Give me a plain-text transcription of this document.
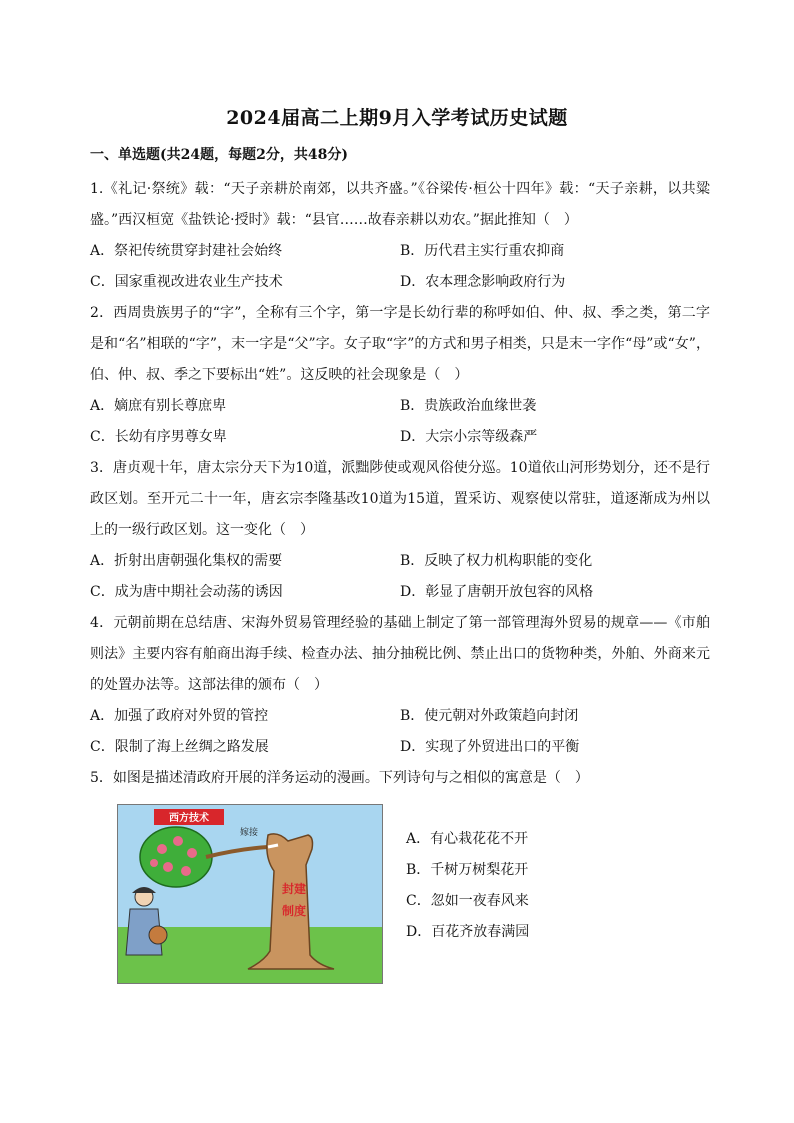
2024届高二上期9月入学考试历史试题
一、单选题(共24题，每题2分，共48分)

1.《礼记·祭统》载：“天子亲耕於南郊，以共齐盛。”《谷梁传·桓公十四年》载：“天子亲耕，以共粱盛。”西汉桓宽《盐铁论·授时》载：“县官……故春亲耕以劝农。”据此推知（　）

A．祭祀传统贯穿封建社会始终	B．历代君主实行重农抑商
C．国家重视改进农业生产技术	D．农本理念影响政府行为

2．西周贵族男子的“字”，全称有三个字，第一字是长幼行辈的称呼如伯、仲、叔、季之类，第二字是和“名”相联的“字”，末一字是“父”字。女子取“字”的方式和男子相类，只是末一字作“母”或“女”，伯、仲、叔、季之下要标出“姓”。这反映的社会现象是（　）

A．嫡庶有别长尊庶卑	B．贵族政治血缘世袭
C．长幼有序男尊女卑	D．大宗小宗等级森严

3．唐贞观十年，唐太宗分天下为10道，派黜陟使或观风俗使分巡。10道依山河形势划分，还不是行政区划。至开元二十一年，唐玄宗李隆基改10道为15道，置采访、观察使以常驻，道逐渐成为州以上的一级行政区划。这一变化（　）

A．折射出唐朝强化集权的需要	B．反映了权力机构职能的变化
C．成为唐中期社会动荡的诱因	D．彰显了唐朝开放包容的风格

4．元朝前期在总结唐、宋海外贸易管理经验的基础上制定了第一部管理海外贸易的规章——《市舶则法》主要内容有舶商出海手续、检查办法、抽分抽税比例、禁止出口的货物种类，外舶、外商来元的处置办法等。这部法律的颁布（　）

A．加强了政府对外贸的管控	B．使元朝对外政策趋向封闭
C．限制了海上丝绸之路发展	D．实现了外贸进出口的平衡

5．如图是描述清政府开展的洋务运动的漫画。下列诗句与之相似的寓意是（　）

西方技术
嫁接
封建
制度
A．有心栽花花不开
B．千树万树梨花开
C．忽如一夜春风来
D．百花齐放春满园
